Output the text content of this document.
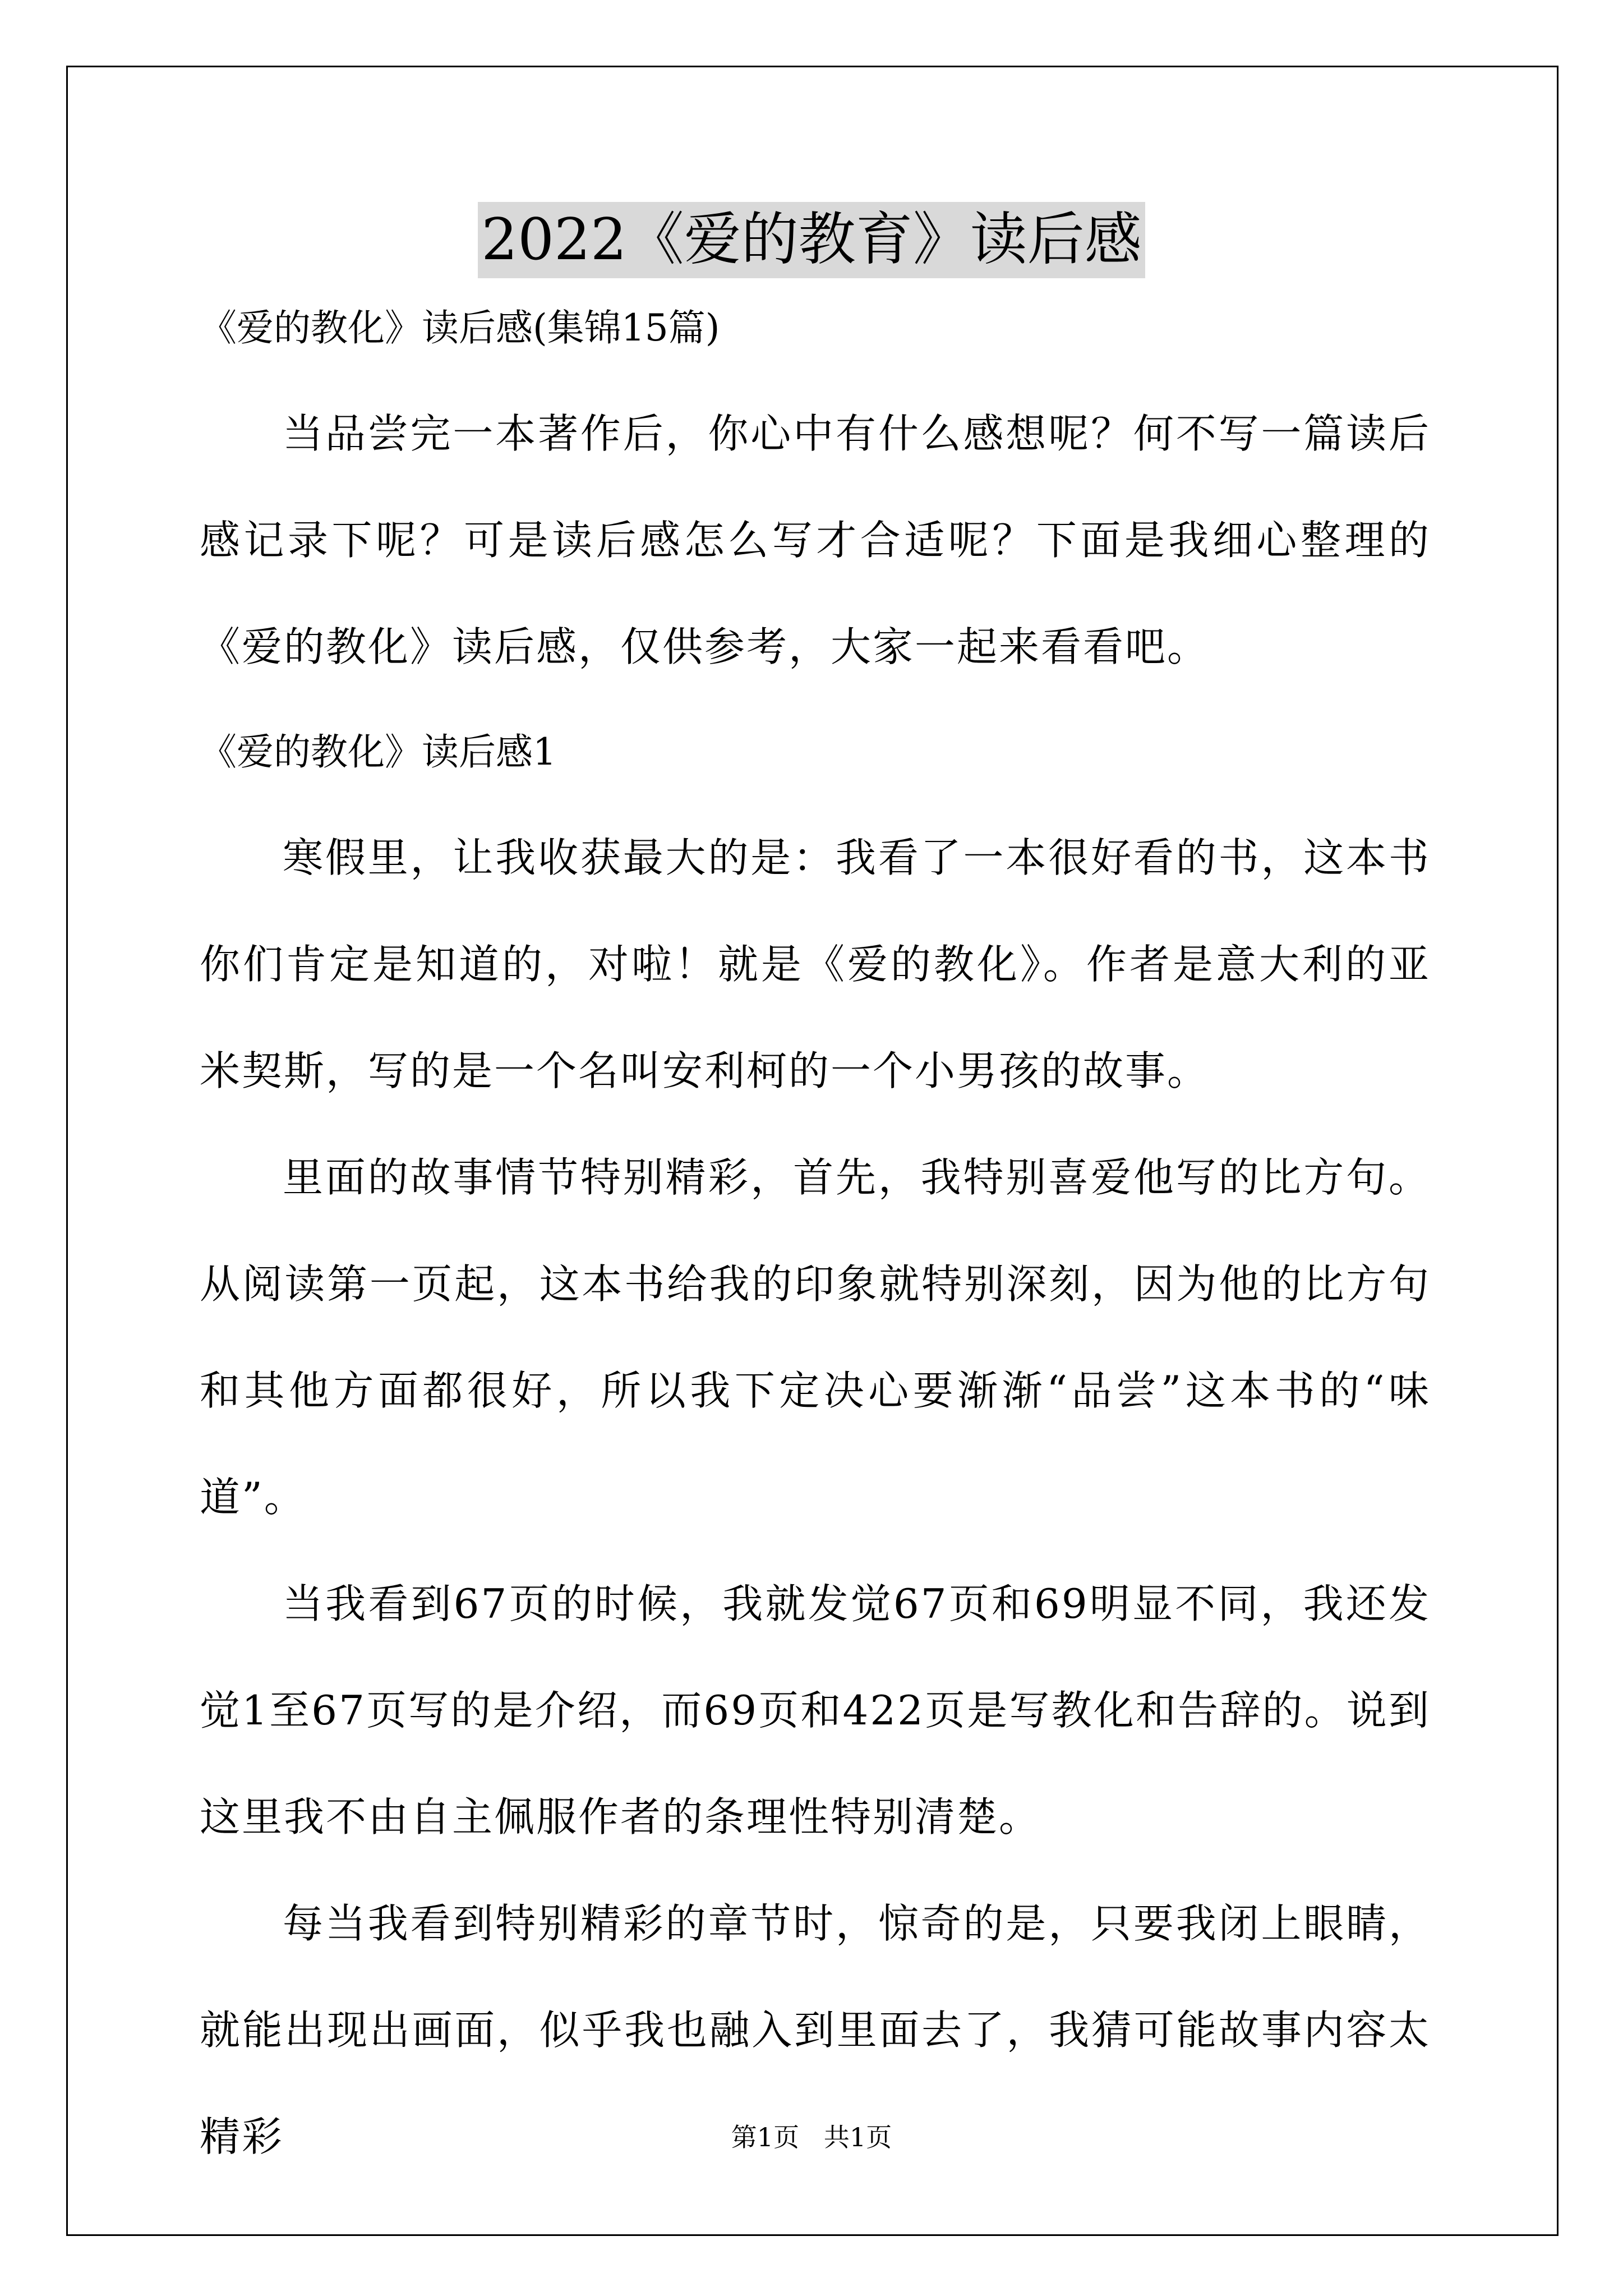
2022《爱的教育》读后感

《爱的教化》读后感(集锦15篇)

当品尝完一本著作后，你心中有什么感想呢？何不写一篇读后感记录下呢？可是读后感怎么写才合适呢？下面是我细心整理的《爱的教化》读后感，仅供参考，大家一起来看看吧。

《爱的教化》读后感1

寒假里，让我收获最大的是：我看了一本很好看的书，这本书你们肯定是知道的，对啦！就是《爱的教化》。作者是意大利的亚米契斯，写的是一个名叫安利柯的一个小男孩的故事。

里面的故事情节特别精彩，首先，我特别喜爱他写的比方句。从阅读第一页起，这本书给我的印象就特别深刻，因为他的比方句和其他方面都很好，所以我下定决心要渐渐“品尝”这本书的“味道”。

当我看到67页的时候，我就发觉67页和69明显不同，我还发觉1至67页写的是介绍，而69页和422页是写教化和告辞的。说到这里我不由自主佩服作者的条理性特别清楚。

每当我看到特别精彩的章节时，惊奇的是，只要我闭上眼睛，就能出现出画面，似乎我也融入到里面去了，我猜可能故事内容太精彩	第1页   共1页
